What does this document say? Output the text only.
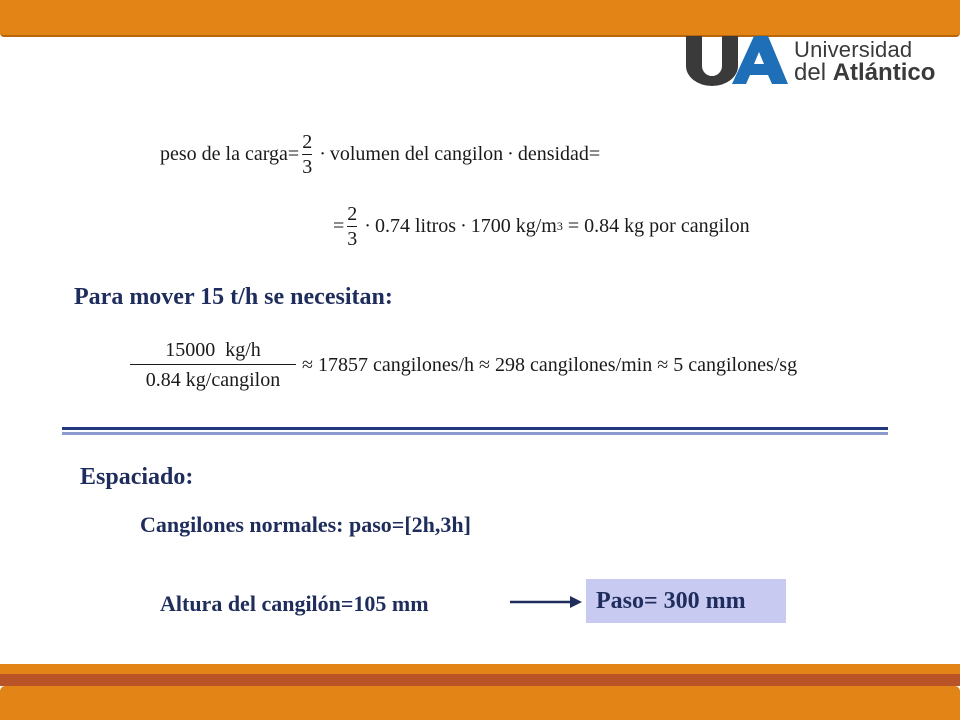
Universidad
del Atlántico
peso de la carga= $\frac{2}{3}$ · volumen del cangilon · densidad=
= $\frac{2}{3} \cdot 0.74$ litros · 1700 kg/m 3 = 0.84 kg por cangilon
Para mover 15 t/h se necesitan:
$\frac{15000 kg/h}{\text{0.84 kg/cangilon}} \approx 17857$ cangilones/h ≈ 298 cangilones/min ≈ 5 cangilones/sg
Espaciado:
Cangilones normales: paso=[2h,3h]
Altura del cangilón=105 mm	Paso= 300 mm
